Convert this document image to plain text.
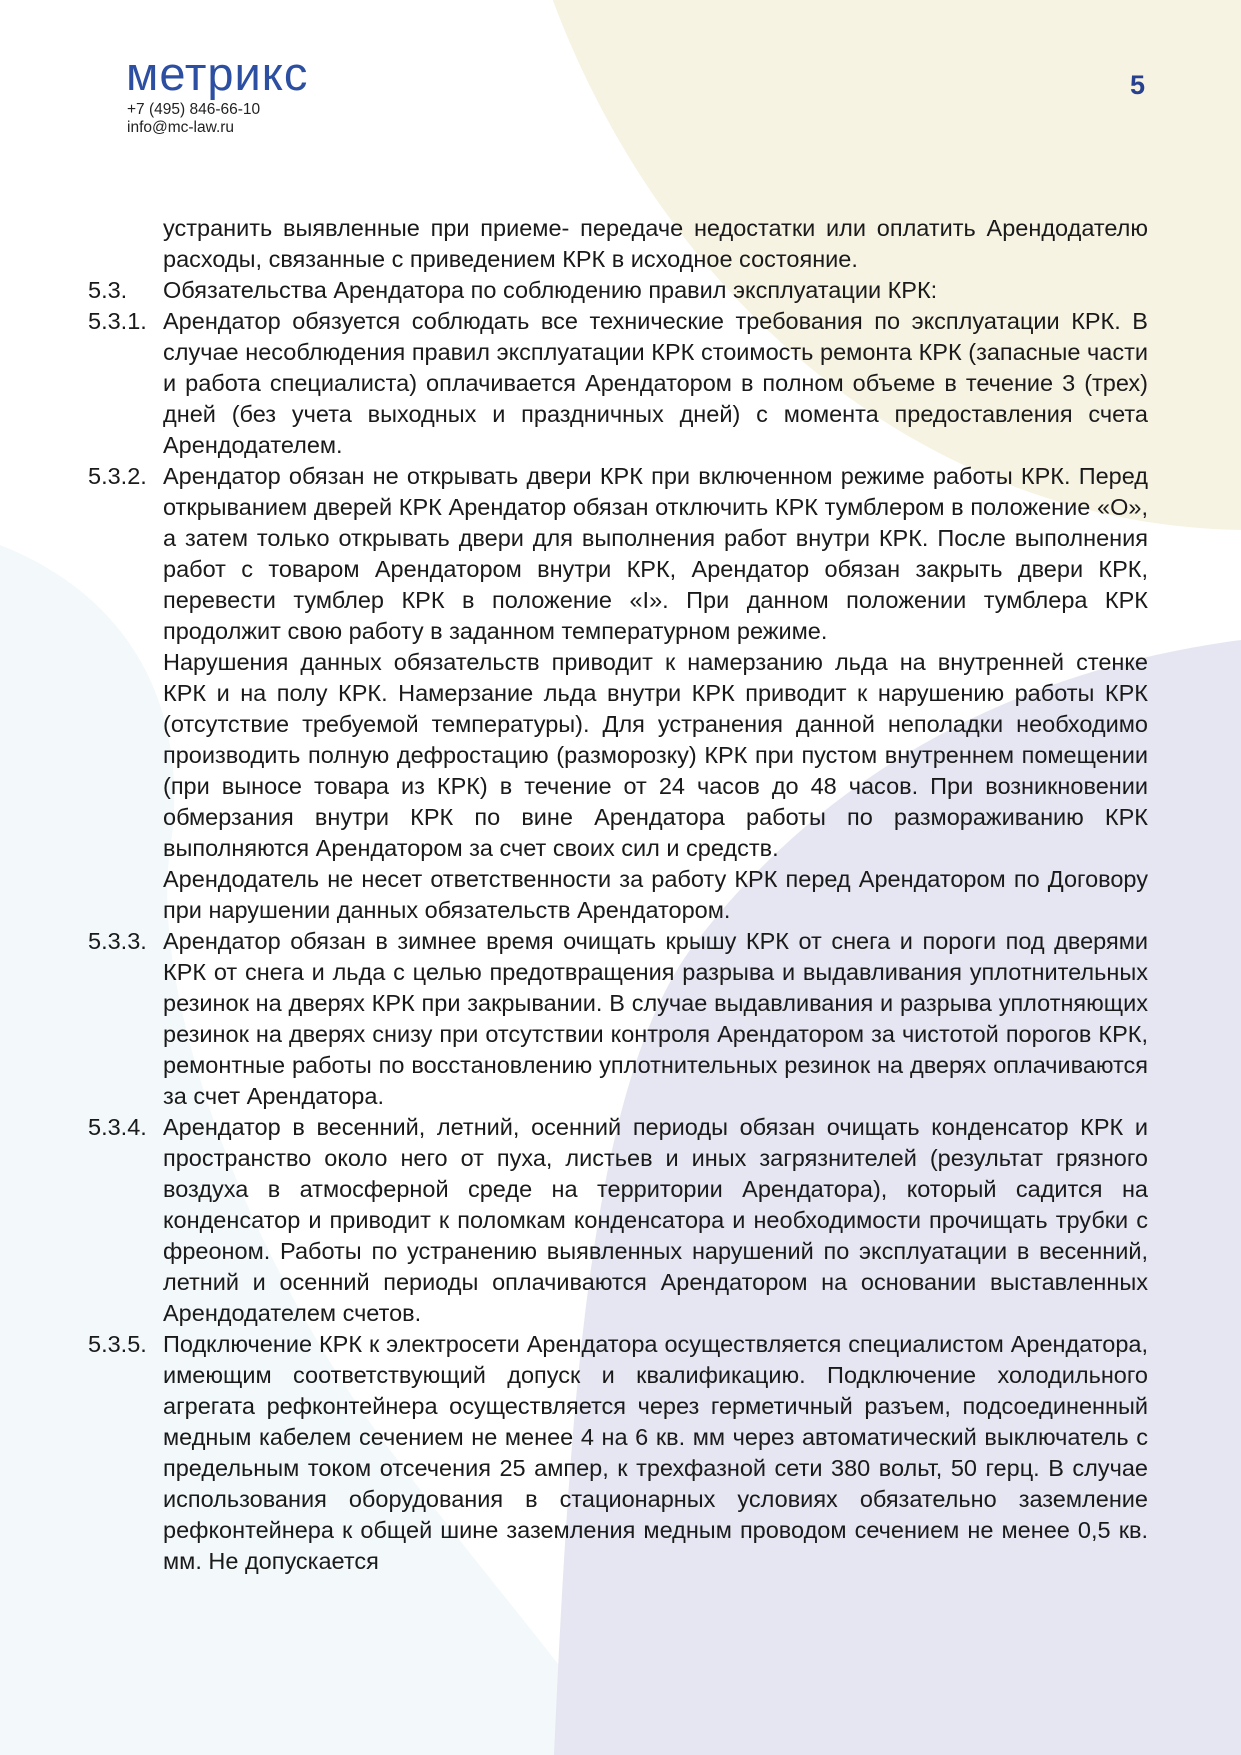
метрикс
+7 (495) 846-66-10
info@mc-law.ru
5
устранить выявленные при приеме- передаче недостатки или оплатить Арендодателю расходы, связанные с приведением КРК в исходное состояние.
5.3.	Обязательства Арендатора по соблюдению правил эксплуатации КРК:
5.3.1. Арендатор обязуется соблюдать все технические требования по эксплуатации КРК. В случае несоблюдения правил эксплуатации КРК стоимость ремонта КРК (запасные части и работа специалиста) оплачивается Арендатором в полном объеме в течение 3 (трех) дней (без учета выходных и праздничных дней) с момента предоставления счета Арендодателем.
5.3.2. Арендатор обязан не открывать двери КРК при включенном режиме работы КРК. Перед открыванием дверей КРК Арендатор обязан отключить КРК тумблером в положение «О», а затем только открывать двери для выполнения работ внутри КРК. После выполнения работ с товаром Арендатором внутри КРК, Арендатор обязан закрыть двери КРК, перевести тумблер КРК в положение «I». При данном положении тумблера КРК продолжит свою работу в заданном температурном режиме.
Нарушения данных обязательств приводит к намерзанию льда на внутренней стенке КРК и на полу КРК. Намерзание льда внутри КРК приводит к нарушению работы КРК (отсутствие требуемой температуры). Для устранения данной неполадки необходимо производить полную дефростацию (разморозку) КРК при пустом внутреннем помещении (при выносе товара из КРК) в течение от 24 часов до 48 часов. При возникновении обмерзания внутри КРК по вине Арендатора работы по размораживанию КРК выполняются Арендатором за счет своих сил и средств.
Арендодатель не несет ответственности за работу КРК перед Арендатором по Договору при нарушении данных обязательств Арендатором.
5.3.3. Арендатор обязан в зимнее время очищать крышу КРК от снега и пороги под дверями КРК от снега и льда с целью предотвращения разрыва и выдавливания уплотнительных резинок на дверях КРК при закрывании. В случае выдавливания и разрыва уплотняющих резинок на дверях снизу при отсутствии контроля Арендатором за чистотой порогов КРК, ремонтные работы по восстановлению уплотнительных резинок на дверях оплачиваются за счет Арендатора.
5.3.4. Арендатор в весенний, летний, осенний периоды обязан очищать конденсатор КРК и пространство около него от пуха, листьев и иных загрязнителей (результат грязного воздуха в атмосферной среде на территории Арендатора), который садится на конденсатор и приводит к поломкам конденсатора и необходимости прочищать трубки с фреоном. Работы по устранению выявленных нарушений по эксплуатации в весенний, летний и осенний периоды оплачиваются Арендатором на основании выставленных Арендодателем счетов.
5.3.5. Подключение КРК к электросети Арендатора осуществляется специалистом Арендатора, имеющим соответствующий допуск и квалификацию. Подключение холодильного агрегата рефконтейнера осуществляется через герметичный разъем, подсоединенный медным кабелем сечением не менее 4 на 6 кв. мм через автоматический выключатель с предельным током отсечения 25 ампер, к трехфазной сети 380 вольт, 50 герц. В случае использования оборудования в стационарных условиях обязательно заземление рефконтейнера к общей шине заземления медным проводом сечением не менее 0,5 кв. мм. Не допускается
